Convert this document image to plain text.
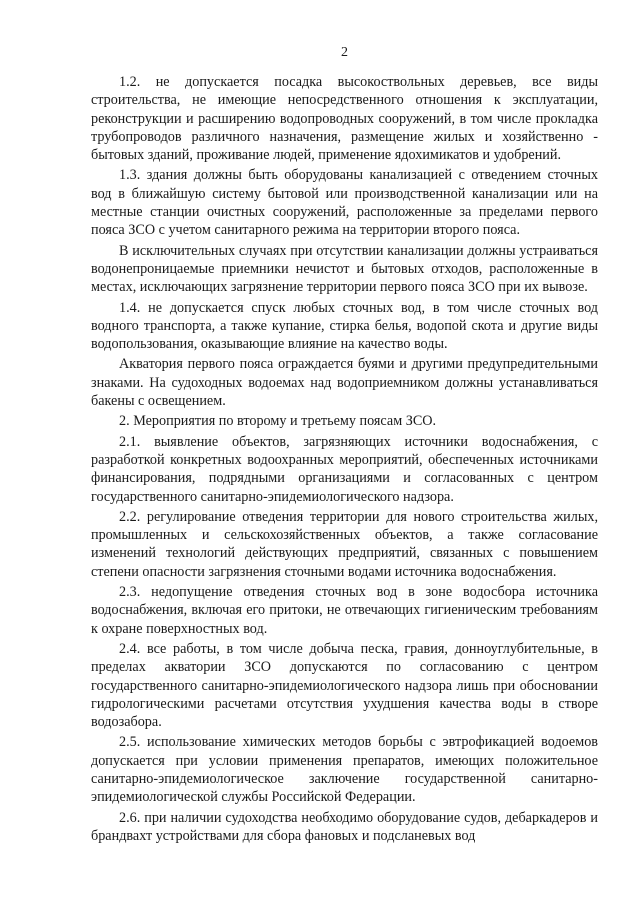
2

1.2. не допускается посадка высокоствольных деревьев, все виды строительства, не имеющие непосредственного отношения к эксплуатации, реконструкции и расширению водопроводных сооружений, в том числе прокладка трубопроводов различного назначения, размещение жилых и хозяйственно - бытовых зданий, проживание людей, применение ядохимикатов и удобрений.

1.3. здания должны быть оборудованы канализацией с отведением сточных вод в ближайшую систему бытовой или производственной канализации или на местные станции очистных сооружений, расположенные за пределами первого пояса ЗСО с учетом санитарного режима на территории второго пояса.

В исключительных случаях при отсутствии канализации должны устраиваться водонепроницаемые приемники нечистот и бытовых отходов, расположенные в местах, исключающих загрязнение территории первого пояса ЗСО при их вывозе.

1.4. не допускается спуск любых сточных вод, в том числе сточных вод водного транспорта, а также купание, стирка белья, водопой скота и другие виды водопользования, оказывающие влияние на качество воды.

Акватория первого пояса ограждается буями и другими предупредительными знаками. На судоходных водоемах над водоприемником должны устанавливаться бакены с освещением.

2. Мероприятия по второму и третьему поясам ЗСО.

2.1. выявление объектов, загрязняющих источники водоснабжения, с разработкой конкретных водоохранных мероприятий, обеспеченных источниками финансирования, подрядными организациями и согласованных с центром государственного санитарно-эпидемиологического надзора.

2.2. регулирование отведения территории для нового строительства жилых, промышленных и сельскохозяйственных объектов, а также согласование изменений технологий действующих предприятий, связанных с повышением степени опасности загрязнения сточными водами источника водоснабжения.

2.3. недопущение отведения сточных вод в зоне водосбора источника водоснабжения, включая его притоки, не отвечающих гигиеническим требованиям к охране поверхностных вод.

2.4. все работы, в том числе добыча песка, гравия, донноуглубительные, в пределах акватории ЗСО допускаются по согласованию с центром государственного санитарно-эпидемиологического надзора лишь при обосновании гидрологическими расчетами отсутствия ухудшения качества воды в створе водозабора.

2.5. использование химических методов борьбы с эвтрофикацией водоемов допускается при условии применения препаратов, имеющих положительное санитарно-эпидемиологическое заключение государственной санитарно-эпидемиологической службы Российской Федерации.

2.6. при наличии судоходства необходимо оборудование судов, дебаркадеров и брандвахт устройствами для сбора фановых и подсланевых вод
